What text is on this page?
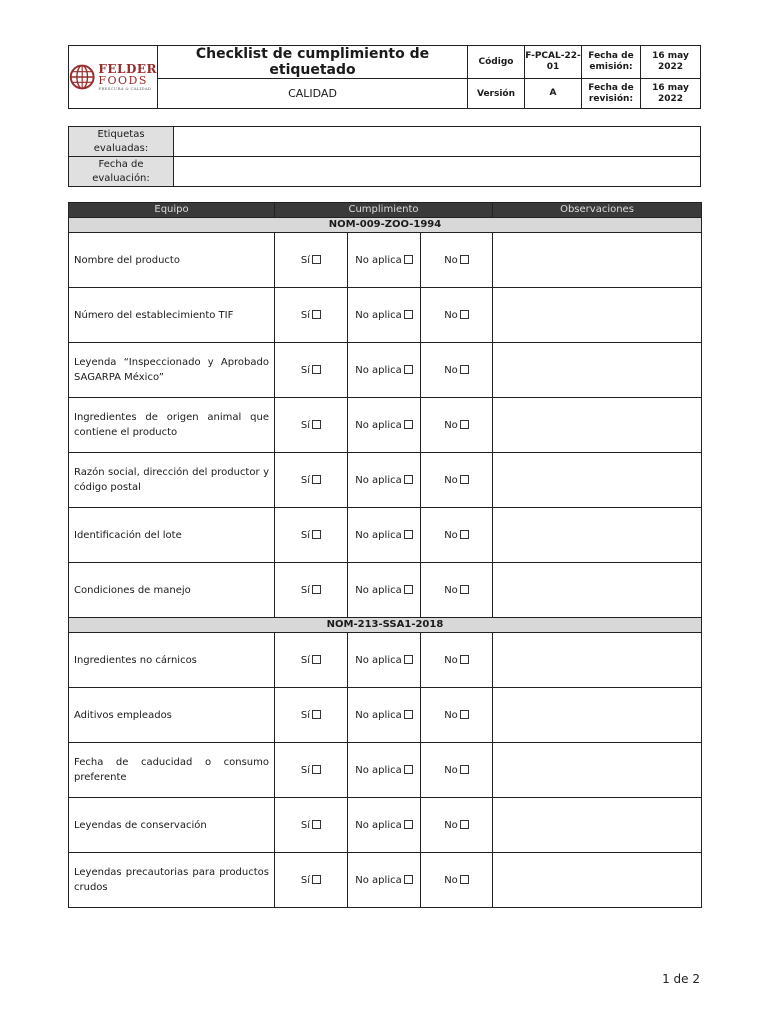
FELDER
FOODS
FRESCURA & CALIDAD	Checklist de cumplimiento de etiquetado	Código	F-PCAL-22-01	Fecha de emisión:	16 may 2022
	CALIDAD	Versión	A	Fecha de revisión:	16 may 2022
Etiquetas evaluadas:	
Fecha de evaluación:	
Equipo	Cumplimiento			Observaciones
NOM-009-ZOO-1994				
Nombre del producto	Sí	No aplica	No	
Número del establecimiento TIF	Sí	No aplica	No	
Leyenda “Inspeccionado y Aprobado SAGARPA México”	Sí	No aplica	No	
Ingredientes de origen animal que contiene el producto	Sí	No aplica	No	
Razón social, dirección del productor y código postal	Sí	No aplica	No	
Identificación del lote	Sí	No aplica	No	
Condiciones de manejo	Sí	No aplica	No	
NOM-213-SSA1-2018				
Ingredientes no cárnicos	Sí	No aplica	No	
Aditivos empleados	Sí	No aplica	No	
Fecha de caducidad o consumo preferente	Sí	No aplica	No	
Leyendas de conservación	Sí	No aplica	No	
Leyendas precautorias para productos crudos	Sí	No aplica	No	
1 de 2
